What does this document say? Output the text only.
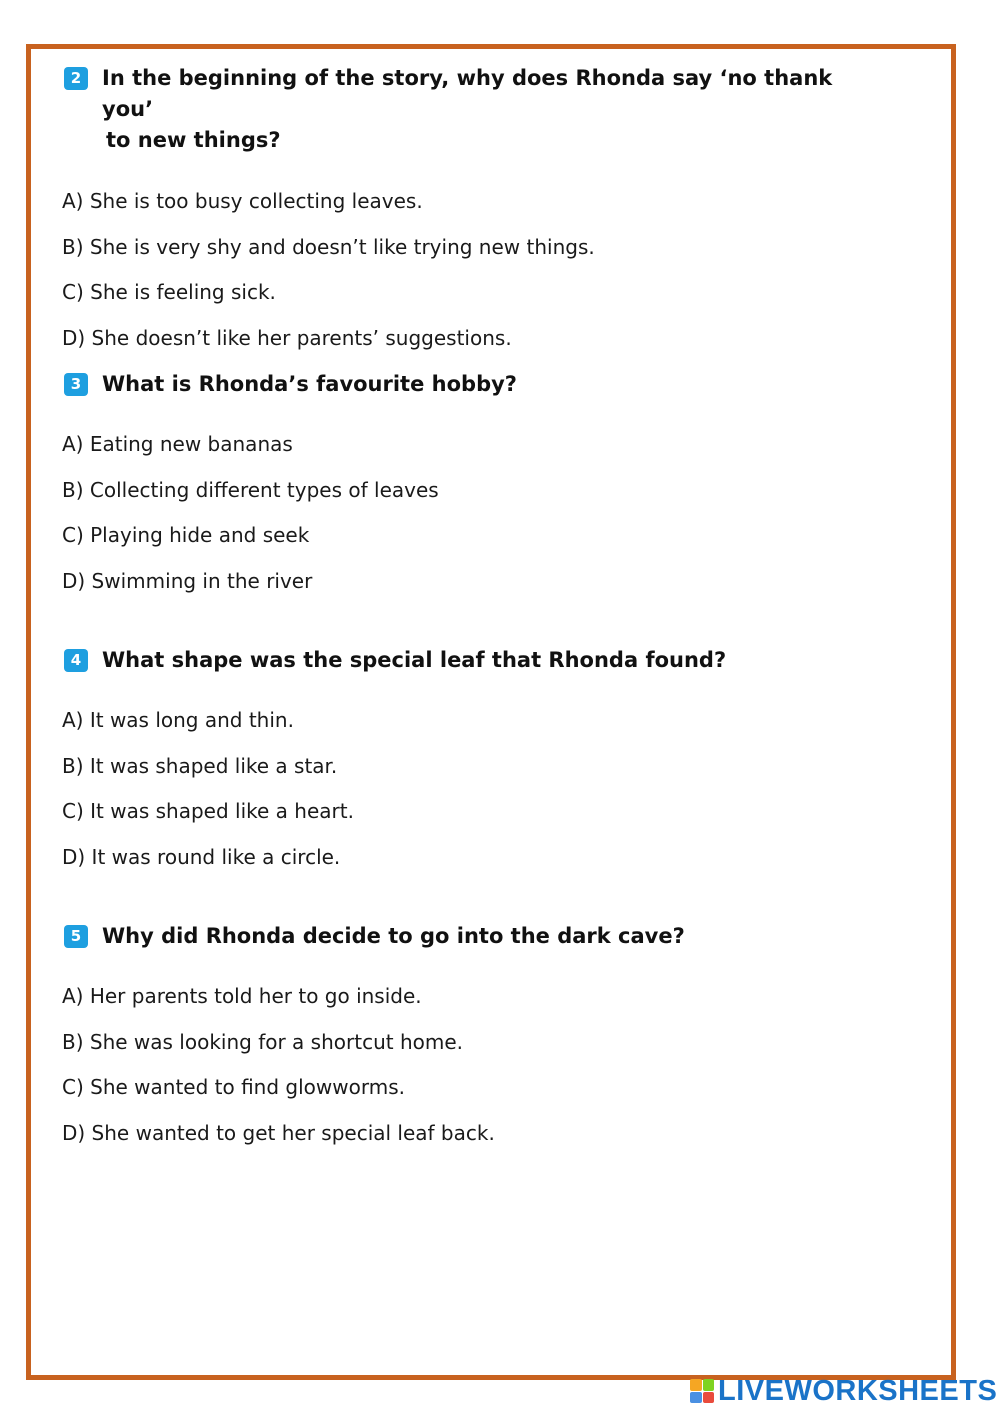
2 In the beginning of the story, why does Rhonda say ‘no thank you’
to new things?
A) She is too busy collecting leaves.
B) She is very shy and doesn’t like trying new things.
C) She is feeling sick.
D) She doesn’t like her parents’ suggestions.
3 What is Rhonda’s favourite hobby?
A) Eating new bananas
B) Collecting different types of leaves
C) Playing hide and seek
D) Swimming in the river
4 What shape was the special leaf that Rhonda found?
A) It was long and thin.
B) It was shaped like a star.
C) It was shaped like a heart.
D) It was round like a circle.
5 Why did Rhonda decide to go into the dark cave?
A) Her parents told her to go inside.
B) She was looking for a shortcut home.
C) She wanted to find glowworms.
D) She wanted to get her special leaf back.
LIVEWORKSHEETS
